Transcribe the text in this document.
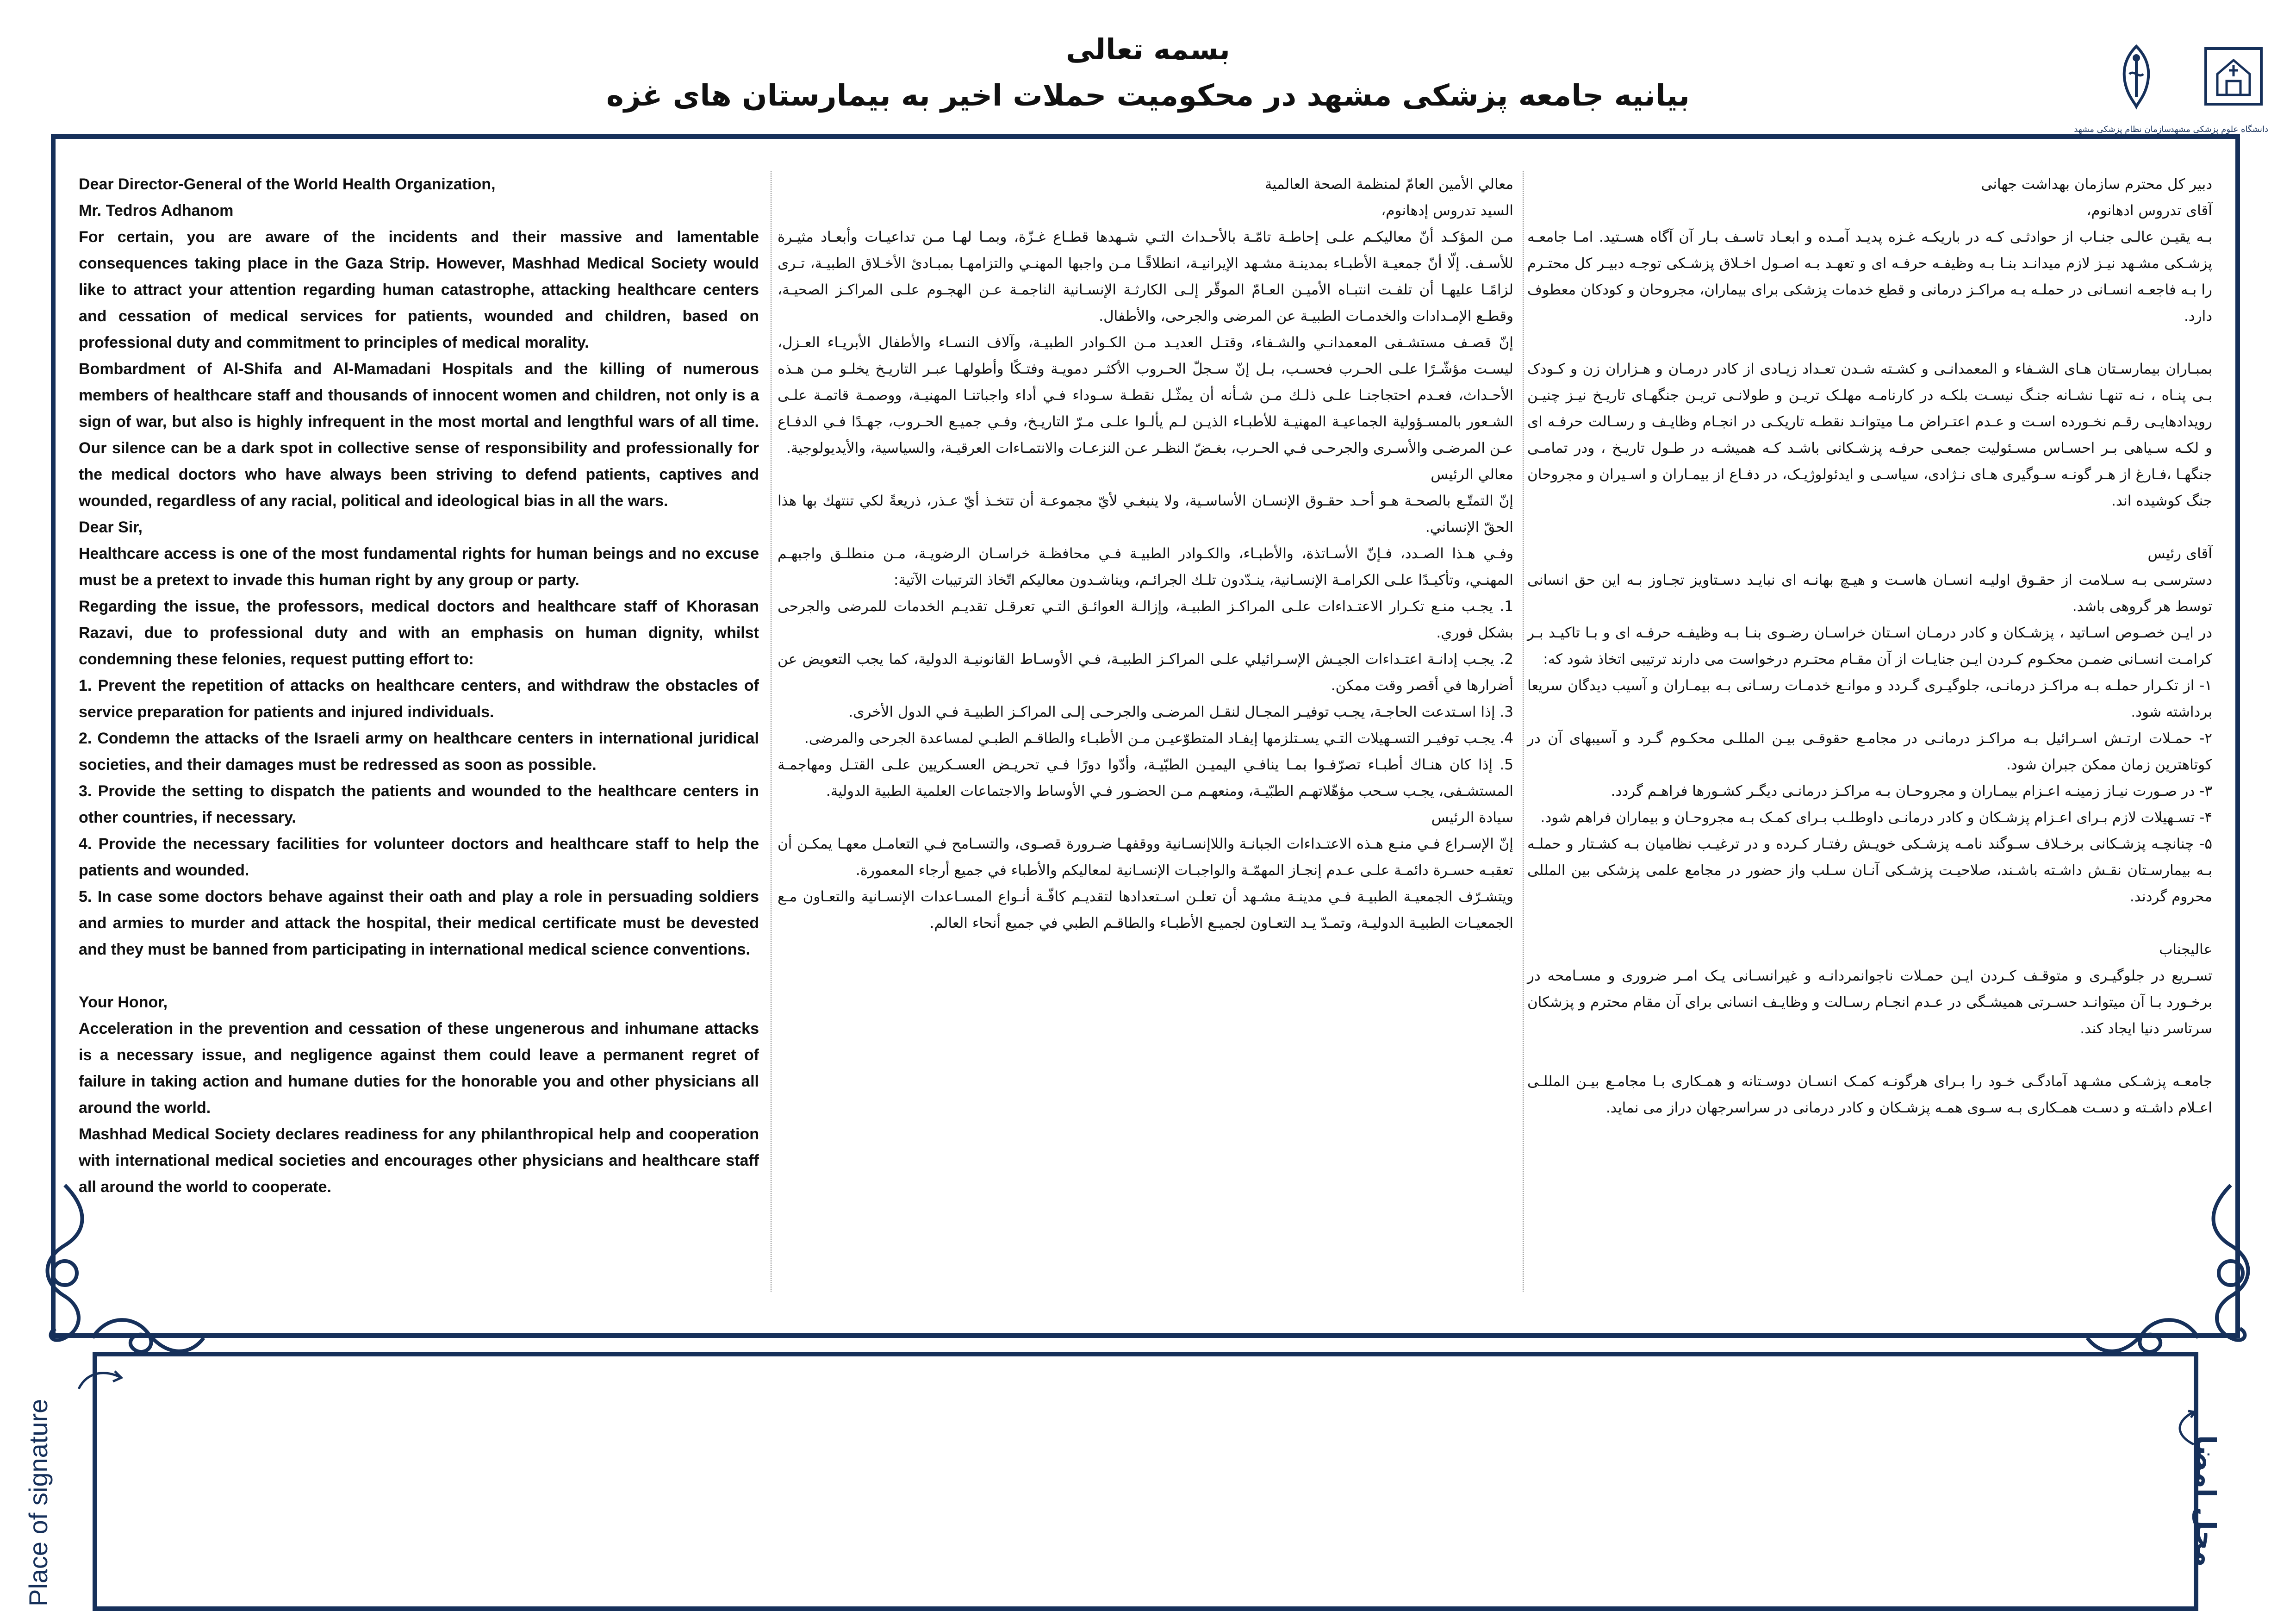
بسمه تعالی
بیانیه جامعه پزشکی مشهد در محکومیت حملات اخیر به بیمارستان های غزه
سازمان نظام پزشکی مشهد
دانشگاه علوم پزشکی مشهد

Dear Director-General of the World Health Organization,

Mr. Tedros Adhanom

For certain, you are aware of the incidents and their massive and lamentable consequences taking place in the Gaza Strip. However, Mashhad Medical Society would like to attract your attention regarding human catastrophe, attacking healthcare centers and cessation of medical services for patients, wounded and children, based on professional duty and commitment to principles of medical morality.

Bombardment of Al-Shifa and Al-Mamadani Hospitals and the killing of numerous members of healthcare staff and thousands of innocent women and children, not only is a sign of war, but also is highly infrequent in the most mortal and lengthful wars of all time. Our silence can be a dark spot in collective sense of responsibility and professionally for the medical doctors who have always been striving to defend patients, captives and wounded, regardless of any racial, political and ideological bias in all the wars.

Dear Sir,

Healthcare access is one of the most fundamental rights for human beings and no excuse must be a pretext to invade this human right by any group or party.

Regarding the issue, the professors, medical doctors and healthcare staff of Khorasan Razavi, due to professional duty and with an emphasis on human dignity, whilst condemning these felonies, request putting effort to:

1. Prevent the repetition of attacks on healthcare centers, and withdraw the obstacles of service preparation for patients and injured individuals.

2. Condemn the attacks of the Israeli army on healthcare centers in international juridical societies, and their damages must be redressed as soon as possible.

3. Provide the setting to dispatch the patients and wounded to the healthcare centers in other countries, if necessary.

4. Provide the necessary facilities for volunteer doctors and healthcare staff to help the patients and wounded.

5. In case some doctors behave against their oath and play a role in persuading soldiers and armies to murder and attack the hospital, their medical certificate must be devested and they must be banned from participating in international medical science conventions.

Your Honor,

Acceleration in the prevention and cessation of these ungenerous and inhumane attacks is a necessary issue, and negligence against them could leave a permanent regret of failure in taking action and humane duties for the honorable you and other physicians all around the world.

Mashhad Medical Society declares readiness for any philanthropical help and cooperation with international medical societies and encourages other physicians and healthcare staff all around the world to cooperate.

معالي الأمين العامّ لمنظمة الصحة العالمية

السيد تدروس إدهانوم،

مـن المؤكـد أنّ معاليكـم علـى إحاطـة تامّـة بالأحـداث التـي شـهدها قطـاع غـزّة، وبمـا لهـا مـن تداعيـات وأبعـاد مثيـرة للأسـف. إلّا أنّ جمعيـة الأطبـاء بمدينـة مشـهد الإيرانيـة، انطلاقًـا مـن واجبها المهنـي والتزامهـا بمبـادئ الأخـلاق الطبيـة، تـرى لزامًـا عليهـا أن تلفـت انتبـاه الأميـن العـامّ الموقّر إلـى الكارثـة الإنسـانية الناجمـة عـن الهجـوم علـى المراكـز الصحيـة، وقطـع الإمـدادات والخدمـات الطبيـة عن المرضى والجرحى، والأطفال.

إنّ قصـف مستشـفى المعمدانـي والشـفاء، وقتـل العديـد مـن الكـوادر الطبيـة، وآلاف النسـاء والأطفال الأبريـاء العـزل، ليسـت مؤشّـرًا علـى الحـرب فحسـب، بـل إنّ سـجلّ الحـروب الأكثـر دمويـة وفتـكًا وأطولهـا عبـر التاريـخ يخلـو مـن هـذه الأحـداث، فعـدم احتجاجنـا علـى ذلـك مـن شـأنه أن يمثّـل نقطـة سـوداء فـي أداء واجباتنـا المهنيـة، ووصمـة قاتمـة علـى الشـعور بالمسـؤولية الجماعيـة المهنيـة للأطبـاء الذيـن لـم يألـوا علـى مـرّ التاريـخ، وفـي جميـع الحـروب، جهـدًا فـي الدفـاع عـن المرضـى والأسـرى والجرحـى فـي الحـرب، بغـضّ النظـر عـن النزعـات والانتمـاءات العرقيـة، والسياسية، والأيديولوجية.

معالي الرئيس

إنّ التمتّـع بالصحـة هـو أحـد حقـوق الإنسـان الأساسـية، ولا ينبغـي لأيّ مجموعـة أن تتخـذ أيّ عـذر، ذريعةً لكي تنتهك بها هذا الحقّ الإنساني.

وفـي هـذا الصـدد، فـإنّ الأسـاتذة، والأطبـاء، والكـوادر الطبيـة فـي محافظـة خراسـان الرضويـة، مـن منطلـق واجبهـم المهنـي، وتأكيـدًا علـى الكرامـة الإنسـانية، ينـدّدون تلـك الجرائـم، ويناشـدون معاليكم اتّخاذ الترتيبات الآتية:

1. يجـب منـع تكـرار الاعتـداءات علـى المراكـز الطبيـة، وإزالـة العوائـق التـي تعرقـل تقديـم الخدمات للمرضى والجرحى بشكل فوري.

2. يجـب إدانـة اعتـداءات الجيـش الإسـرائيلي علـى المراكـز الطبيـة، فـي الأوسـاط القانونيـة الدولية، كما يجب التعويض عن أضرارها في أقصر وقت ممكن.

3. إذا اسـتدعت الحاجـة، يجـب توفيـر المجـال لنقـل المرضـى والجرحـى إلـى المراكـز الطبيـة فـي الدول الأخرى.

4. يجـب توفيـر التسـهيلات التـي يسـتلزمها إيفـاد المتطوّعيـن مـن الأطبـاء والطاقـم الطبـي لمساعدة الجرحى والمرضى.

5. إذا كان هنـاك أطبـاء تصرّفـوا بمـا ينافـي اليميـن الطبّيـة، وأدّوا دورًا فـي تحريـض العسـكريين علـى القتـل ومهاجمـة المستشـفى، يجـب سـحب مؤهّلاتهـم الطبّيـة، ومنعهـم مـن الحضـور فـي الأوساط والاجتماعات العلمية الطبية الدولية.

سيادة الرئيس

إنّ الإسـراع فـي منـع هـذه الاعتـداءات الجبانـة واللاإنسـانية ووقفهـا ضـرورة قصـوى، والتسـامح فـي التعامـل معهـا يمكـن أن تعقبـه حسـرة دائمـة علـى عـدم إنجـاز المهمّـة والواجبـات الإنسـانية لمعاليكم والأطباء في جميع أرجاء المعمورة.

ويتشـرّف الجمعيـة الطبيـة فـي مدينـة مشـهد أن تعلـن اسـتعدادها لتقديـم كافّـة أنـواع المسـاعدات الإنسـانية والتعـاون مـع الجمعيـات الطبيـة الدوليـة، وتمـدّ يـد التعـاون لجميـع الأطبـاء والطاقـم الطبي في جميع أنحاء العالم.

دبیر کل محترم سازمان بهداشت جهانی

آقای تدروس ادهانوم،

بـه یقیـن عالـی جنـاب از حوادثـی کـه در باریکـه غـزه پدیـد آمـده و ابعـاد تاسـف بـار آن آگاه هسـتید. امـا جامعـه پزشـکی مشـهد نیـز لازم میدانـد بنـا بـه وظیفـه حرفـه ای و تعهـد بـه اصـول اخـلاق پزشـکی توجـه دبیـر کل محتـرم را بـه فاجعـه انسـانی در حملـه بـه مراکـز درمانی و قطع خدمات پزشکی برای بیماران، مجروحان و کودکان معطوف دارد.

بمبـاران بیمارسـتان هـای الشـفاء و المعمدانـی و کشـته شـدن تعـداد زیـادی از کادر درمـان و هـزاران زن و کـودک بـی پنـاه ، نـه تنهـا نشـانه جنـگ نیسـت بلکـه در کارنامـه مهلـک تریـن و طولانـی تریـن جنگهـای تاریـخ نیـز چنیـن رویدادهایـی رقـم نخـورده اسـت و عـدم اعتـراض مـا میتوانـد نقطـه تاریکـی در انجـام وظایـف و رسـالت حرفـه ای و لکـه سـیاهی بـر احسـاس مسـئولیت جمعـی حرفـه پزشـکانی باشـد کـه همیشـه در طـول تاریـخ ، ودر تمامـی جنگهـا ،فـارغ از هـر گونـه سـوگیری هـای نـژادی، سیاسـی و ایدئولوژیـک، در دفـاع از بیمـاران و اسـیران و مجروحان جنگ کوشیده اند.

آقای رئیس

دسترسـی بـه سـلامت از حقـوق اولیـه انسـان هاسـت و هیـچ بهانـه ای نبایـد دسـتاویز تجـاوز بـه این حق انسانی توسط هر گروهی باشد.

در ایـن خصـوص اسـاتید ، پزشـکان و کادر درمـان اسـتان خراسـان رضـوی بنـا بـه وظیفـه حرفـه ای و بـا تاکیـد بـر کرامـت انسـانی ضمـن محکـوم کـردن ایـن جنایـات از آن مقـام محتـرم درخواست می دارند ترتیبی اتخاذ شود که:

۱- از تکـرار حملـه بـه مراکـز درمانـی، جلوگیـری گـردد و موانـع خدمـات رسـانی بـه بیمـاران و آسیب دیدگان سریعا برداشته شود.

۲- حمـلات ارتـش اسـرائیل بـه مراکـز درمانـی در مجامـع حقوقـی بیـن المللـی محکـوم گـرد و آسیبهای آن در کوتاهترین زمان ممکن جبران شود.

۳- در صـورت نیـاز زمینـه اعـزام بیمـاران و مجروحـان بـه مراکـز درمانـی دیگـر کشـورها فراهـم گردد.

۴- تسـهیلات لازم بـرای اعـزام پزشـکان و کادر درمانـی داوطلـب بـرای کمـک بـه مجروحـان و بیماران فراهم شود.

۵- چنانچـه پزشـکانی برخـلاف سـوگند نامـه پزشـکی خویـش رفتـار کـرده و در ترغیـب نظامیان بـه کشـتار و حملـه بـه بیمارسـتان نقـش داشـته باشـند، صلاحیـت پزشـکی آنـان سـلب واز حضور در مجامع علمی پزشکی بین المللی محروم گردند.

عالیجناب

تسـریع در جلوگیـری و متوقـف کـردن ایـن حمـلات ناجوانمردانـه و غیرانسـانی یـک امـر ضروری و مسـامحه در برخـورد بـا آن میتوانـد حسـرتی همیشـگی در عـدم انجـام رسـالت و وظایـف انسانی برای آن مقام محترم و پزشکان سرتاسر دنیا ایجاد کند.

جامعـه پزشـکی مشـهد آمادگـی خـود را بـرای هرگونـه کمـک انسـان دوسـتانه و همـکاری بـا مجامـع بیـن المللـی اعـلام داشـته و دسـت همـکاری بـه سـوی همـه پزشـکان و کادر درمانی در سراسرجهان دراز می نماید.

Place of signature	محل امضا
